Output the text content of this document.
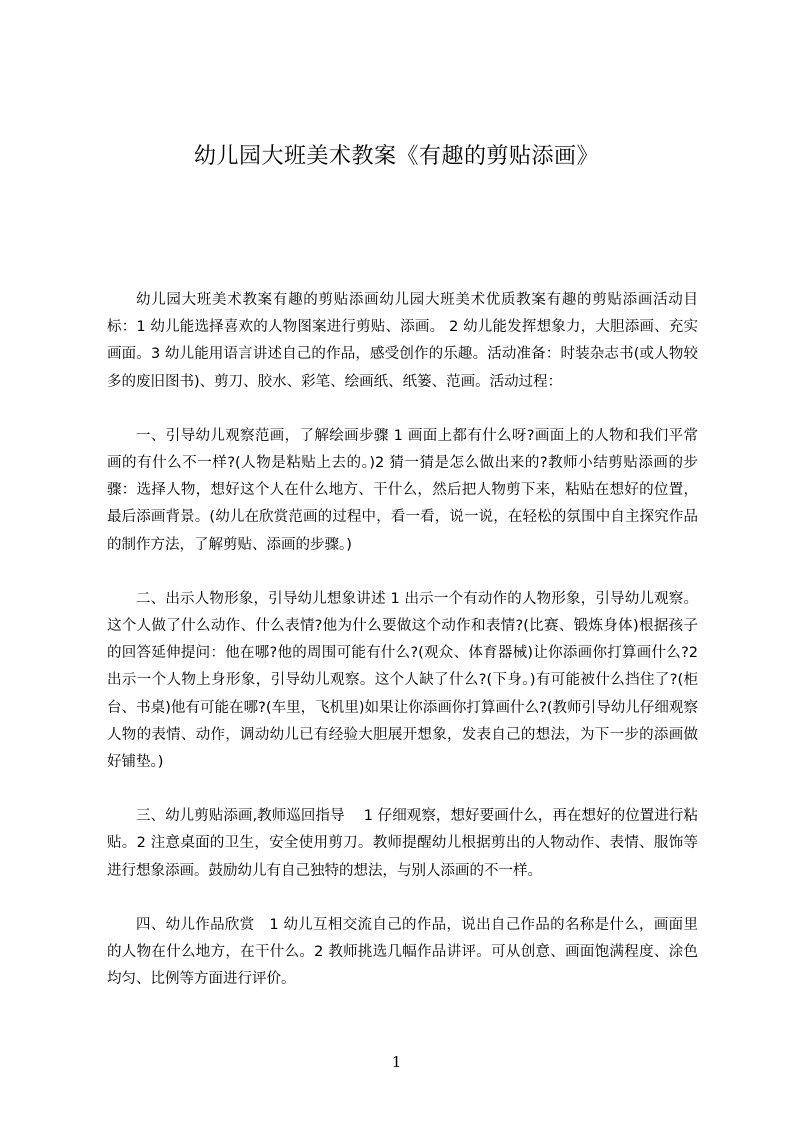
幼儿园大班美术教案《有趣的剪贴添画》

幼儿园大班美术教案有趣的剪贴添画幼儿园大班美术优质教案有趣的剪贴添画活动目标：1 幼儿能选择喜欢的人物图案进行剪贴、添画。 2 幼儿能发挥想象力，大胆添画、充实画面。3 幼儿能用语言讲述自己的作品，感受创作的乐趣。活动准备：时装杂志书(或人物较多的废旧图书)、剪刀、胶水、彩笔、绘画纸、纸篓、范画。活动过程：

一、引导幼儿观察范画，了解绘画步骤 1 画面上都有什么呀?画面上的人物和我们平常画的有什么不一样?(人物是粘贴上去的。)2 猜一猜是怎么做出来的?教师小结剪贴添画的步骤：选择人物，想好这个人在什么地方、干什么，然后把人物剪下来，粘贴在想好的位置，最后添画背景。(幼儿在欣赏范画的过程中，看一看，说一说，在轻松的氛围中自主探究作品的制作方法，了解剪贴、添画的步骤。)

二、出示人物形象，引导幼儿想象讲述 1 出示一个有动作的人物形象，引导幼儿观察。这个人做了什么动作、什么表情?他为什么要做这个动作和表情?(比赛、锻炼身体)根据孩子的回答延伸提问：他在哪?他的周围可能有什么?(观众、体育器械)让你添画你打算画什么?2 出示一个人物上身形象，引导幼儿观察。这个人缺了什么?(下身。)有可能被什么挡住了?(柜台、书桌)他有可能在哪?(车里，飞机里)如果让你添画你打算画什么?(教师引导幼儿仔细观察人物的表情、动作，调动幼儿已有经验大胆展开想象，发表自己的想法，为下一步的添画做好铺垫。)

三、幼儿剪贴添画,教师巡回指导　 1 仔细观察，想好要画什么，再在想好的位置进行粘贴。2 注意桌面的卫生，安全使用剪刀。教师提醒幼儿根据剪出的人物动作、表情、服饰等进行想象添画。鼓励幼儿有自己独特的想法，与别人添画的不一样。

四、幼儿作品欣赏　1 幼儿互相交流自己的作品，说出自己作品的名称是什么，画面里的人物在什么地方，在干什么。2 教师挑选几幅作品讲评。可从创意、画面饱满程度、涂色均匀、比例等方面进行评价。

1
